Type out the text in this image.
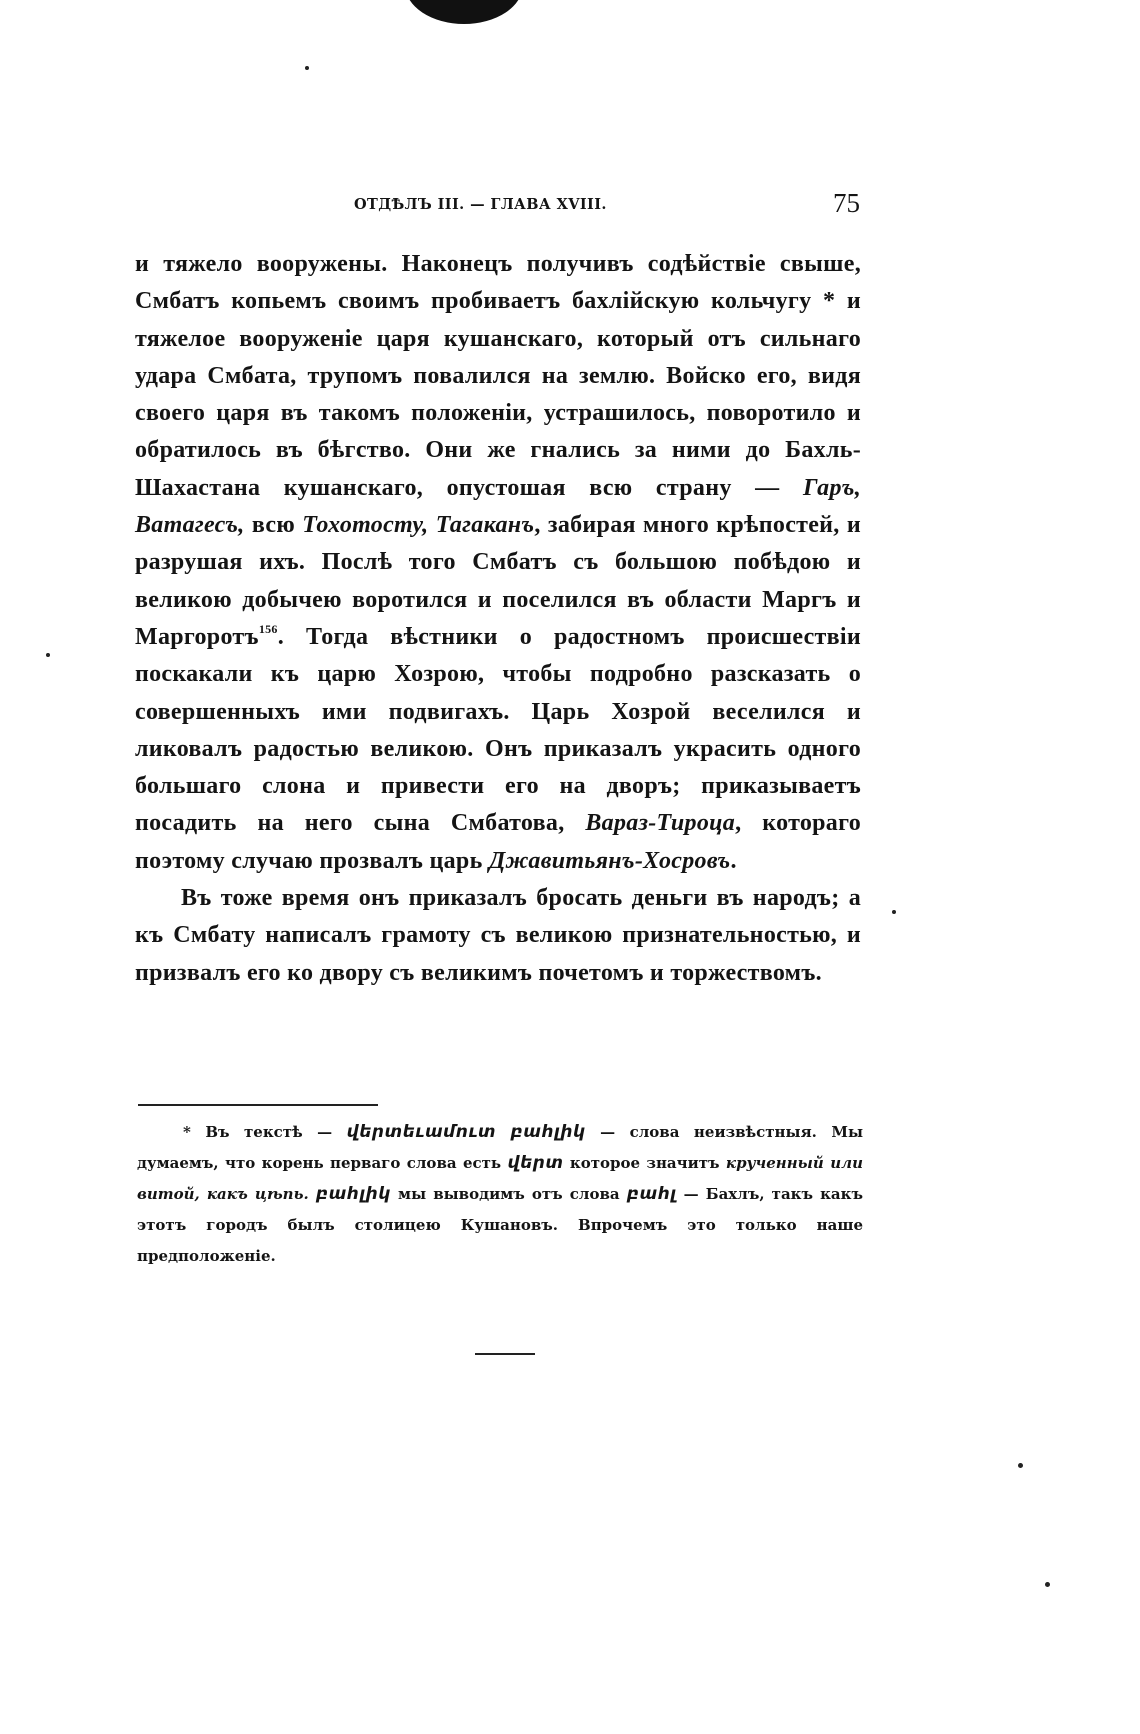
ОТДѢЛЪ III. — ГЛАВА XVIII.	75

и тяжело вооружены. Наконецъ получивъ содѣйствіе свыше, Смбатъ копьемъ своимъ пробиваетъ бахлійскую кольчугу * и тяжелое вооруженіе царя кушанскаго, который отъ сильнаго удара Смбата, трупомъ повалился на землю. Войско его, видя своего царя въ такомъ положеніи, устрашилось, поворотило и обратилось въ бѣгство. Они же гнались за ними до Бахль-Шахастана кушанскаго, опустошая всю страну — Гаръ, Ватагесъ, всю Тохотосту, Тагаканъ, забирая много крѣпостей, и разрушая ихъ. Послѣ того Смбатъ съ большою побѣдою и великою добычею воротился и поселился въ области Маргъ и Маргоротъ$^{156}$. Тогда вѣстники о радостномъ происшествіи поскакали къ царю Хозрою, чтобы подробно разсказать о совершенныхъ ими подвигахъ. Царь Хозрой веселился и ликовалъ радостью великою. Онъ приказалъ украсить одного большаго слона и привести его на дворъ; приказываетъ посадить на него сына Смбатова, Вараз-Тироца, котораго поэтому случаю прозвалъ царь Джавитьянъ-Хосровъ.

Въ тоже время онъ приказалъ бросать деньги въ народъ; а къ Смбату написалъ грамоту съ великою признательностью, и призвалъ его ко двору съ великимъ почетомъ и торжествомъ.

* Въ текстѣ — վերտեւամուտ բահլիկ — слова неизвѣстныя. Мы думаемъ, что корень перваго слова есть վերտ которое значитъ крученный или витой, какъ цѣпь. բահլիկ мы выводимъ отъ слова բահլ — Бахлъ, такъ какъ этотъ городъ былъ столицею Кушановъ. Впрочемъ это только наше предположеніе.
